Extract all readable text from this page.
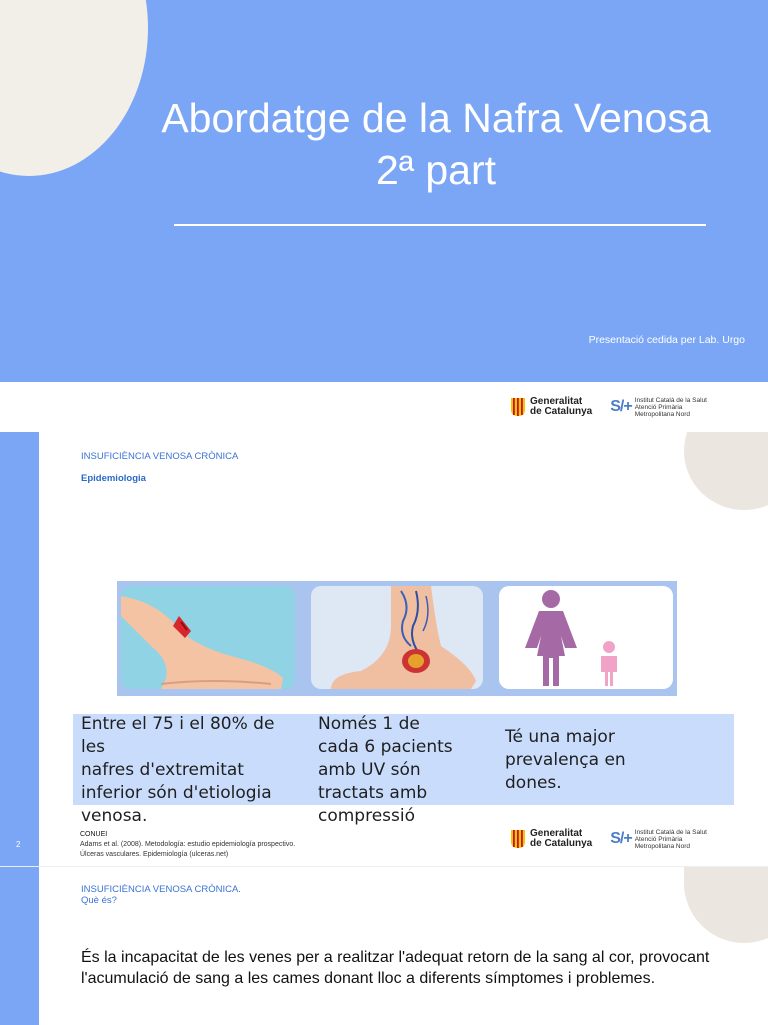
Abordatge de la Nafra Venosa 2ª part
Presentació cedida per Lab. Urgo
Generalitat
de Catalunya S/+ Institut Català de la Salut
Atenció Primària
Metropolitana Nord
2
INSUFICIÈNCIA VENOSA CRÒNICA
Epidemiologia
Entre el 75 i el 80% de
les
nafres d'extremitat
inferior són d'etiologia
venosa.
Només 1 de
cada 6 pacients
amb UV són
tractats amb
compressió
Té una major
prevalença en
dones.
CONUEI
Adams et al. (2008). Metodología: estudio epidemiología prospectivo.
Úlceras vasculares. Epidemiología (ulceras.net)
Generalitat
de Catalunya S/+ Institut Català de la Salut
Atenció Primària
Metropolitana Nord
INSUFICIÈNCIA VENOSA CRÒNICA.
Què és?
És la incapacitat de les venes per a realitzar l'adequat retorn de la sang al cor, provocant l'acumulació de sang a les cames donant lloc a diferents símptomes i problemes.
